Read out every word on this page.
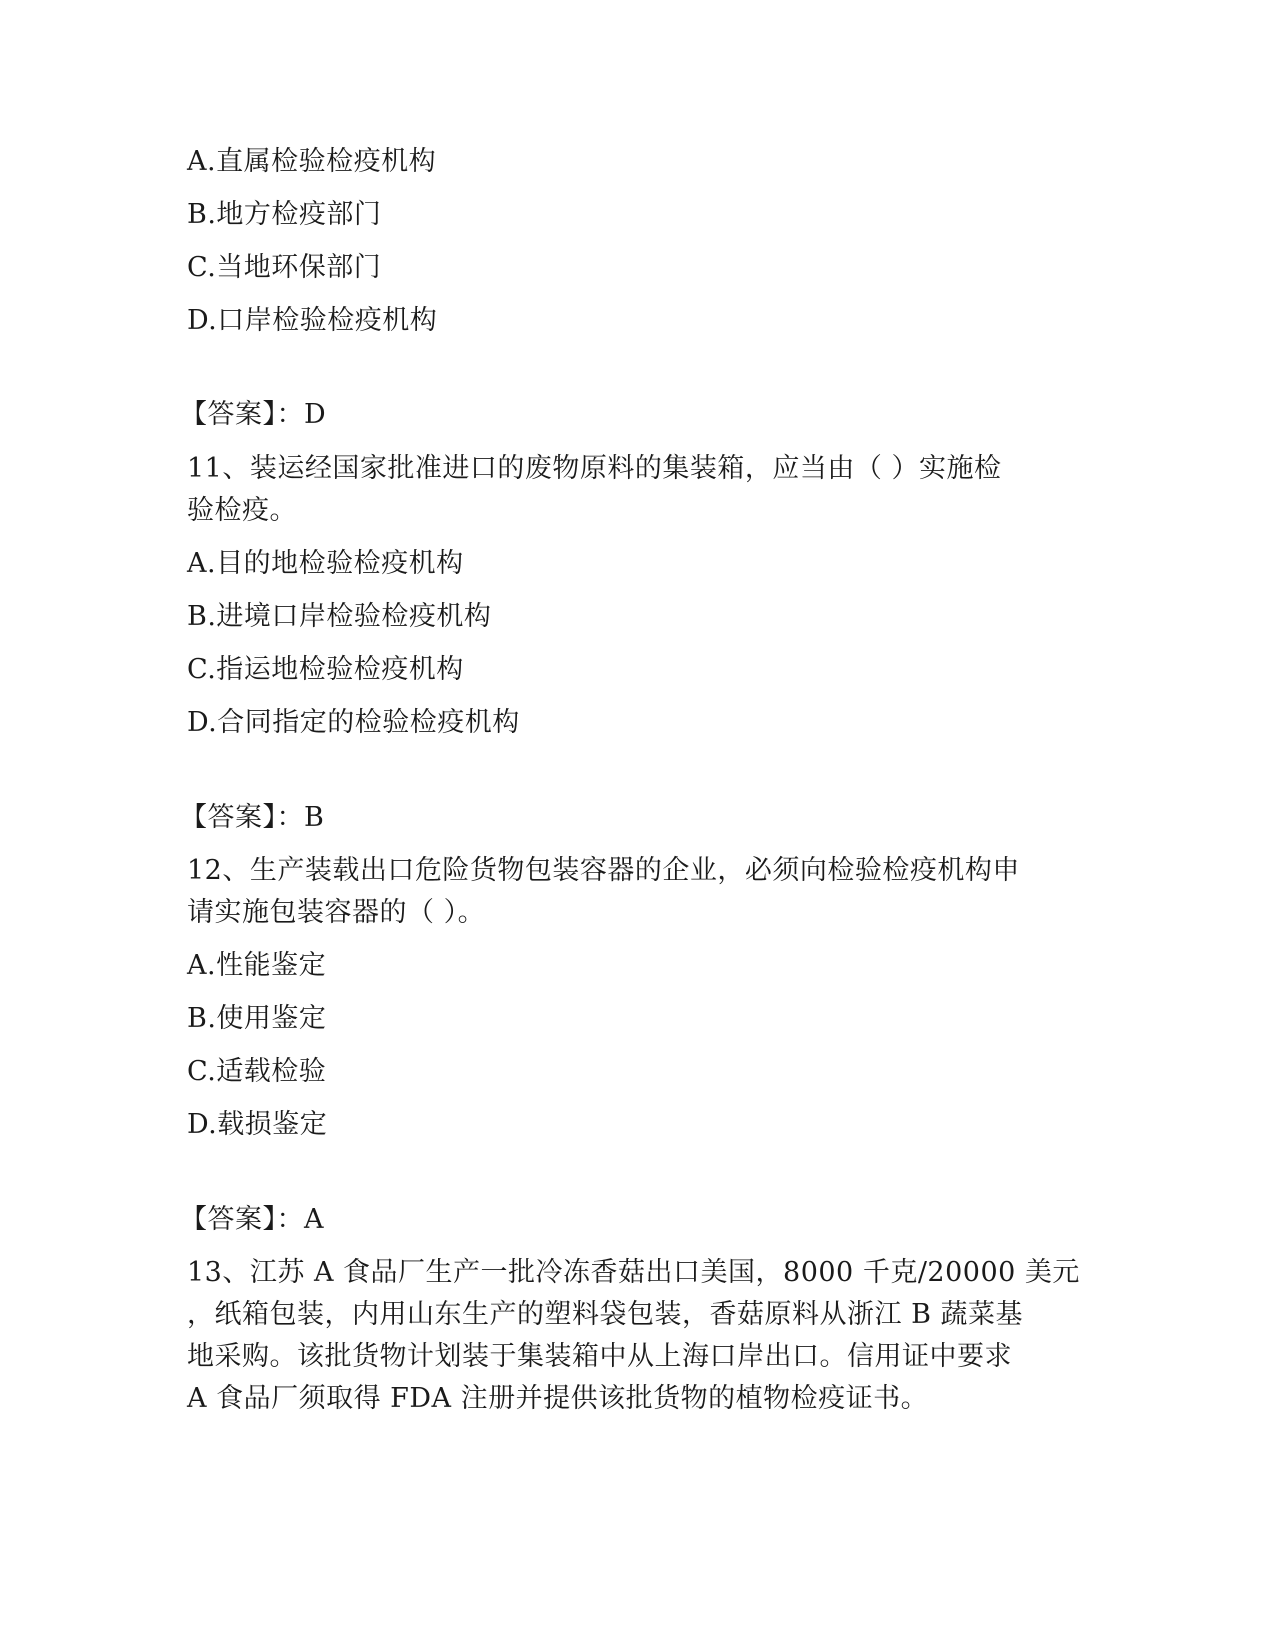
A.直属检验检疫机构
B.地方检疫部门
C.当地环保部门
D.口岸检验检疫机构
【答案】：D
11、装运经国家批准进口的废物原料的集装箱，应当由（ ）实施检
验检疫。
A.目的地检验检疫机构
B.进境口岸检验检疫机构
C.指运地检验检疫机构
D.合同指定的检验检疫机构
【答案】：B
12、生产装载出口危险货物包装容器的企业，必须向检验检疫机构申
请实施包装容器的（ ）。
A.性能鉴定
B.使用鉴定
C.适载检验
D.载损鉴定
【答案】：A
13、江苏 A 食品厂生产一批冷冻香菇出口美国，8000 千克/20000 美元
，纸箱包装，内用山东生产的塑料袋包装，香菇原料从浙江 B 蔬菜基
地采购。该批货物计划装于集装箱中从上海口岸出口。信用证中要求
A 食品厂须取得 FDA 注册并提供该批货物的植物检疫证书。
